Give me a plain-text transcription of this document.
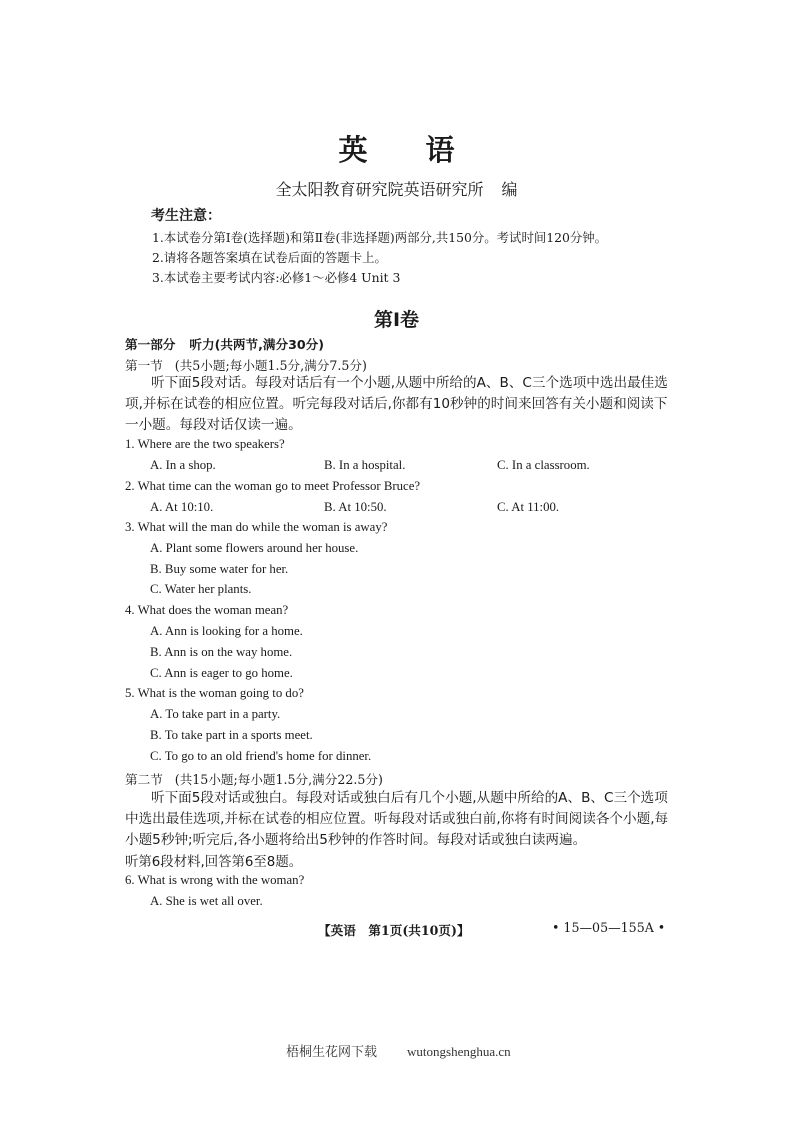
英 语
全太阳教育研究院英语研究所 编
考生注意：
1.本试卷分第Ⅰ卷(选择题)和第Ⅱ卷(非选择题)两部分,共150分。考试时间120分钟。
2.请将各题答案填在试卷后面的答题卡上。
3.本试卷主要考试内容:必修1～必修4 Unit 3
第Ⅰ卷
第一部分 听力(共两节,满分30分)
第一节 (共5小题;每小题1.5分,满分7.5分)
听下面5段对话。每段对话后有一个小题,从题中所给的A、B、C三个选项中选出最佳选
项,并标在试卷的相应位置。听完每段对话后,你都有10秒钟的时间来回答有关小题和阅读下
一小题。每段对话仅读一遍。
1. Where are the two speakers?
A. In a shop.	B. In a hospital.	C. In a classroom.
2. What time can the woman go to meet Professor Bruce?
A. At 10:10.	B. At 10:50.	C. At 11:00.
3. What will the man do while the woman is away?
A. Plant some flowers around her house.
B. Buy some water for her.
C. Water her plants.
4. What does the woman mean?
A. Ann is looking for a home.
B. Ann is on the way home.
C. Ann is eager to go home.
5. What is the woman going to do?
A. To take part in a party.
B. To take part in a sports meet.
C. To go to an old friend's home for dinner.
第二节 (共15小题;每小题1.5分,满分22.5分)
听下面5段对话或独白。每段对话或独白后有几个小题,从题中所给的A、B、C三个选项
中选出最佳选项,并标在试卷的相应位置。听每段对话或独白前,你将有时间阅读各个小题,每
小题5秒钟;听完后,各小题将给出5秒钟的作答时间。每段对话或独白读两遍。
听第6段材料,回答第6至8题。
6. What is wrong with the woman?
A. She is wet all over.
【英语　第1页(共10页)】	• 15—05—155A •
梧桐生花网下载 wutongshenghua.cn
